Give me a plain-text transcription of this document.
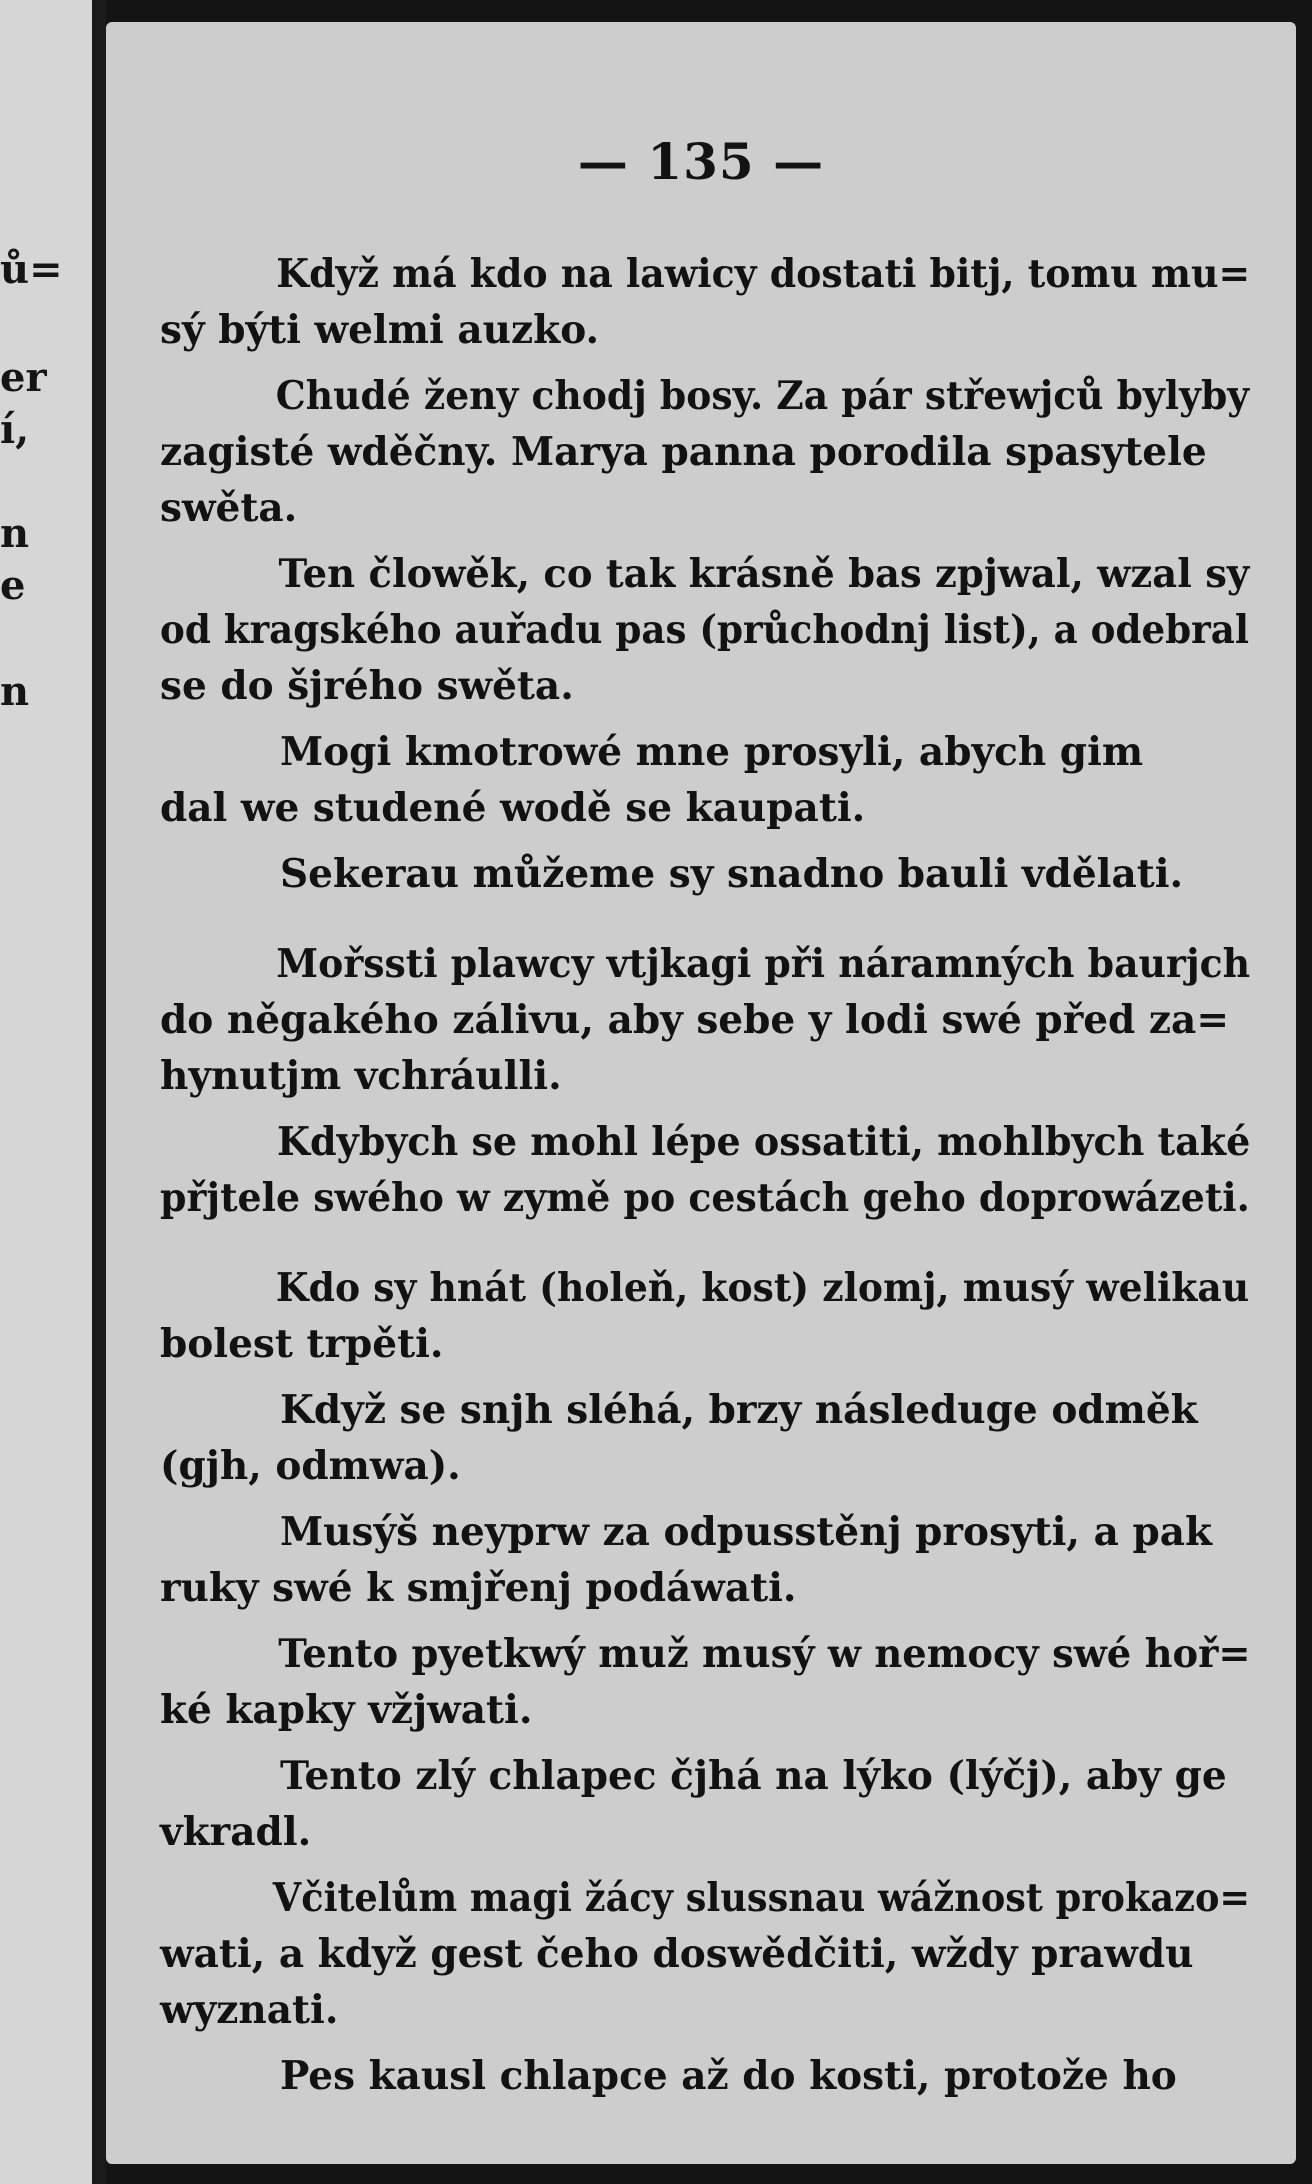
ů=
er
í,
n
e
n
— 135 —
Když má kdo na lawicy dostati bitj, tomu mu=
sý býti welmi auzko.
Chudé ženy chodj bosy. Za pár střewjců bylyby
zagisté wděčny. Marya panna porodila spasytele
swěta.
Ten člowěk, co tak krásně bas zpjwal, wzal sy
od kragského auřadu pas (průchodnj list), a odebral
se do šjrého swěta.
Mogi kmotrowé mne prosyli, abych gim
dal we studené wodě se kaupati.
Sekerau můžeme sy snadno bauli vdělati.
Mořssti plawcy vtjkagi při náramných baurjch
do něgakého zálivu, aby sebe y lodi swé před za=
hynutjm vchráulli.
Kdybych se mohl lépe ossatiti, mohlbych také
přjtele swého w zymě po cestách geho doprowázeti.
Kdo sy hnát (holeň, kost) zlomj, musý welikau
bolest trpěti.
Když se snjh sléhá, brzy následuge odměk
(gjh, odmwa).
Musýš neyprw za odpusstěnj prosyti, a pak
ruky swé k smjřenj podáwati.
Tento pyetkwý muž musý w nemocy swé hoř=
ké kapky vžjwati.
Tento zlý chlapec čjhá na lýko (lýčj), aby ge
vkradl.
Včitelům magi žácy slussnau wážnost prokazo=
wati, a když gest čeho doswědčiti, wždy prawdu
wyznati.
Pes kausl chlapce až do kosti, protože ho
